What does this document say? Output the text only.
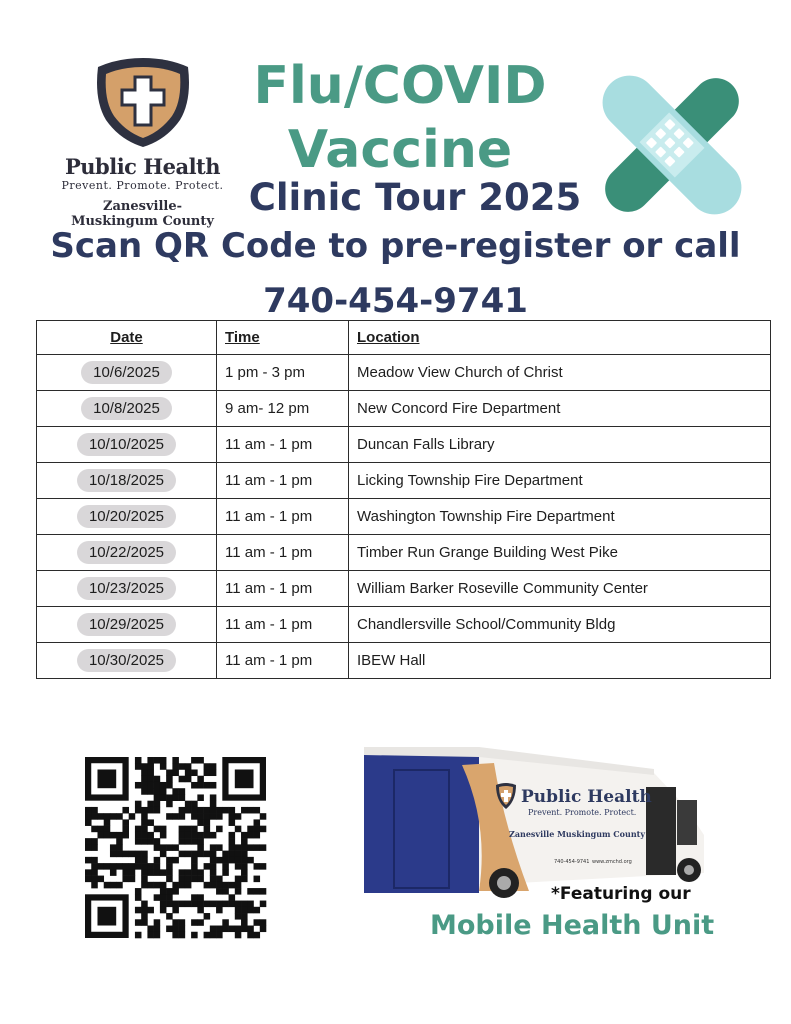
Public Health
Prevent. Promote. Protect.
Zanesville-Muskingum County
Flu/COVID
Vaccine
Clinic Tour 2025
Scan QR Code to pre-register or call
740-454-9741
Date	Time	Location
10/6/2025	1 pm - 3 pm	Meadow View Church of Christ
10/8/2025	9 am- 12 pm	New Concord Fire Department
10/10/2025	11 am - 1 pm	Duncan Falls Library
10/18/2025	11 am - 1 pm	Licking Township Fire Department
10/20/2025	11 am - 1 pm	Washington Township Fire Department
10/22/2025	11 am - 1 pm	Timber Run Grange Building West Pike
10/23/2025	11 am - 1 pm	William Barker Roseville Community Center
10/29/2025	11 am - 1 pm	Chandlersville School/Community Bldg
10/30/2025	11 am - 1 pm	IBEW Hall
Public Health
Prevent. Promote. Protect.
Zanesville Muskingum County
740-454-9741 www.zmchd.org
*Featuring our
Mobile Health Unit
